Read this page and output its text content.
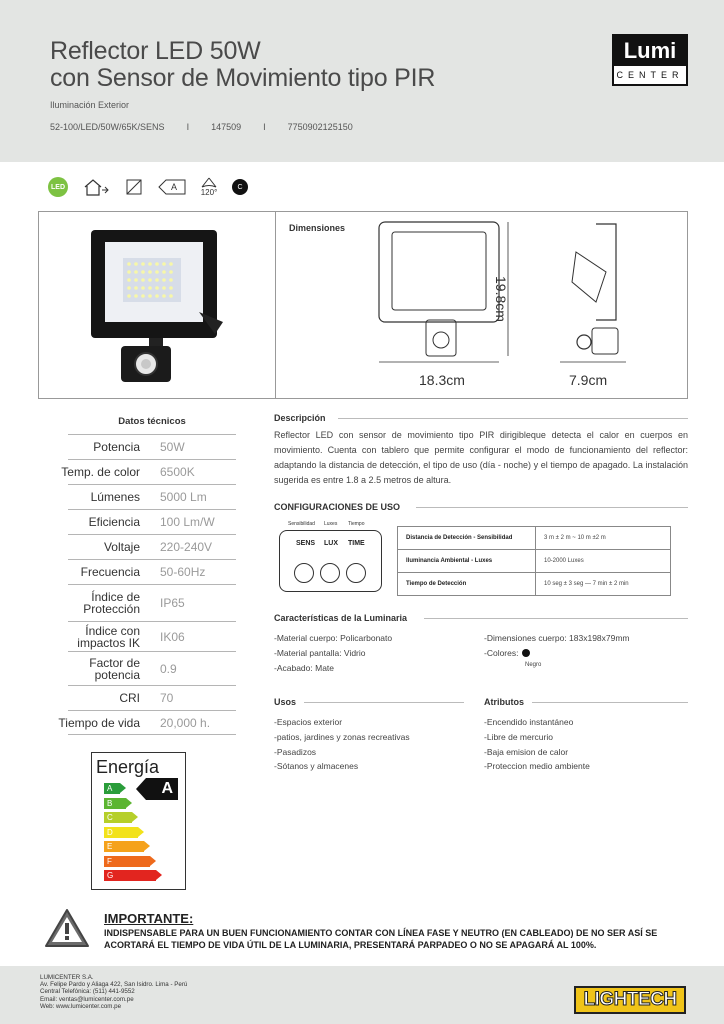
Reflector LED 50W
con Sensor de Movimiento tipo PIR
Iluminación Exterior
52-100/LED/50W/65K/SENS I 147509 I 7750902125150
Lumi
CENTER
LED	A
120°
C
Dimensiones
18.3cm
19.8cm
7.9cm
Datos técnicos
Potencia	50W
Temp. de color	6500K
Lúmenes	5000 Lm
Eficiencia	100 Lm/W
Voltaje	220-240V
Frecuencia	50-60Hz
Índice de Protección	IP65
Índice con impactos IK	IK06
Factor de potencia	0.9
CRI	70
Tiempo de vida	20,000 h.
Energía
A
B
C
D
E
F
G
A
Descripción
Reflector LED con sensor de movimiento tipo PIR dirigibleque detecta el calor en cuerpos en movimiento. Cuenta con tablero que permite configurar el modo de funcionamiento del reflector: adaptando la distancia de detección, el tipo de uso (día - noche) y el tiempo de apagado. La instalación sugerida es entre 1.8 a 2.5 metros de altura.
CONFIGURACIONES DE USO
Sensibilidad Luxes Tiempo
SENS LUX TIME
Distancia de Detección - Sensibilidad	3 m ± 2 m ~ 10 m ±2 m
Iluminancia Ambiental - Luxes	10-2000 Luxes
Tiempo de Detección	10 seg ± 3 seg — 7 min ± 2 min
Características de la Luminaria
-Material cuerpo: Policarbonato
-Material pantalla: Vidrio
-Acabado: Mate
-Dimensiones cuerpo: 183x198x79mm
-Colores:
Negro
Usos
-Espacios exterior
-patios, jardines y zonas recreativas
-Pasadizos
-Sótanos y almacenes
Atributos
-Encendido instantáneo
-Libre de mercurio
-Baja emision de calor
-Proteccion medio ambiente
IMPORTANTE:
INDISPENSABLE PARA UN BUEN FUNCIONAMIENTO CONTAR CON LÍNEA FASE Y NEUTRO (EN CABLEADO) DE NO SER ASÍ SE ACORTARÁ EL TIEMPO DE VIDA ÚTIL DE LA LUMINARIA, PRESENTARÁ PARPADEO O NO SE APAGARÁ AL 100%.
LUMICENTER S.A.
Av. Felipe Pardo y Aliaga 422, San Isidro. Lima - Perú
Central Telefónica: (511) 441-9552
Email: ventas@lumicenter.com.pe
Web: www.lumicenter.com.pe	LIGHTECH
